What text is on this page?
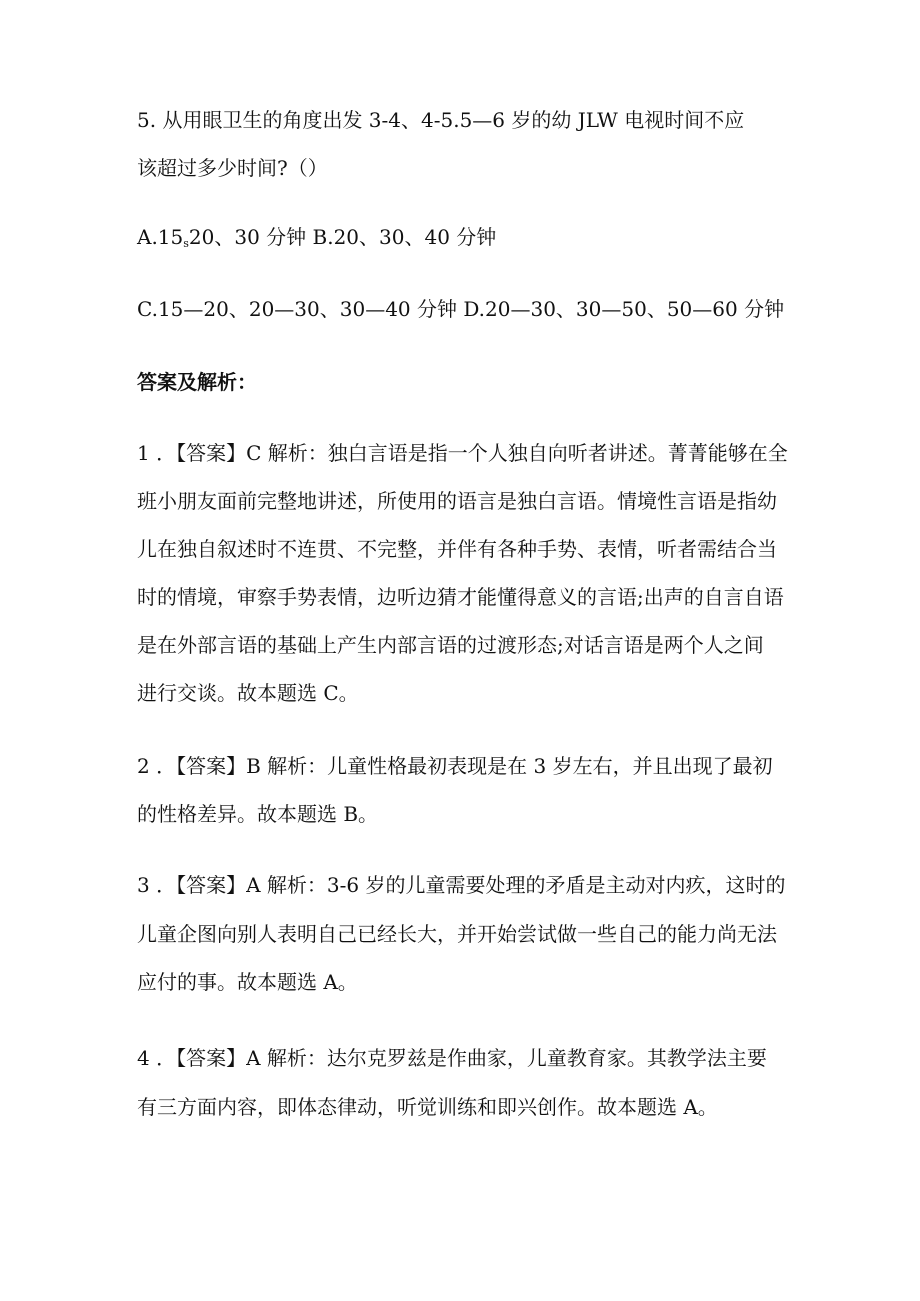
5. 从用眼卫生的角度出发 3-4、4-5.5—6 岁的幼 JLW 电视时间不应
该超过多少时间?（）
$A.15_s20$、30 分钟 B.20、30、40 分钟
C.15—20、20—30、30—40 分钟 D.20—30、30—50、50—60 分钟
答案及解析：
1 ．【答案】C 解析：独白言语是指一个人独自向听者讲述。菁菁能够在全
班小朋友面前完整地讲述，所使用的语言是独白言语。情境性言语是指幼
儿在独自叙述时不连贯、不完整，并伴有各种手势、表情，听者需结合当
时的情境，审察手势表情，边听边猜才能懂得意义的言语;出声的自言自语
是在外部言语的基础上产生内部言语的过渡形态;对话言语是两个人之间
进行交谈。故本题选 C。
2 ．【答案】B 解析：儿童性格最初表现是在 3 岁左右，并且出现了最初
的性格差异。故本题选 B。
3 ．【答案】A 解析：3-6 岁的儿童需要处理的矛盾是主动对内疚，这时的
儿童企图向别人表明自己已经长大，并开始尝试做一些自己的能力尚无法
应付的事。故本题选 A。
4 ．【答案】A 解析：达尔克罗兹是作曲家，儿童教育家。其教学法主要
有三方面内容，即体态律动，听觉训练和即兴创作。故本题选 A。
